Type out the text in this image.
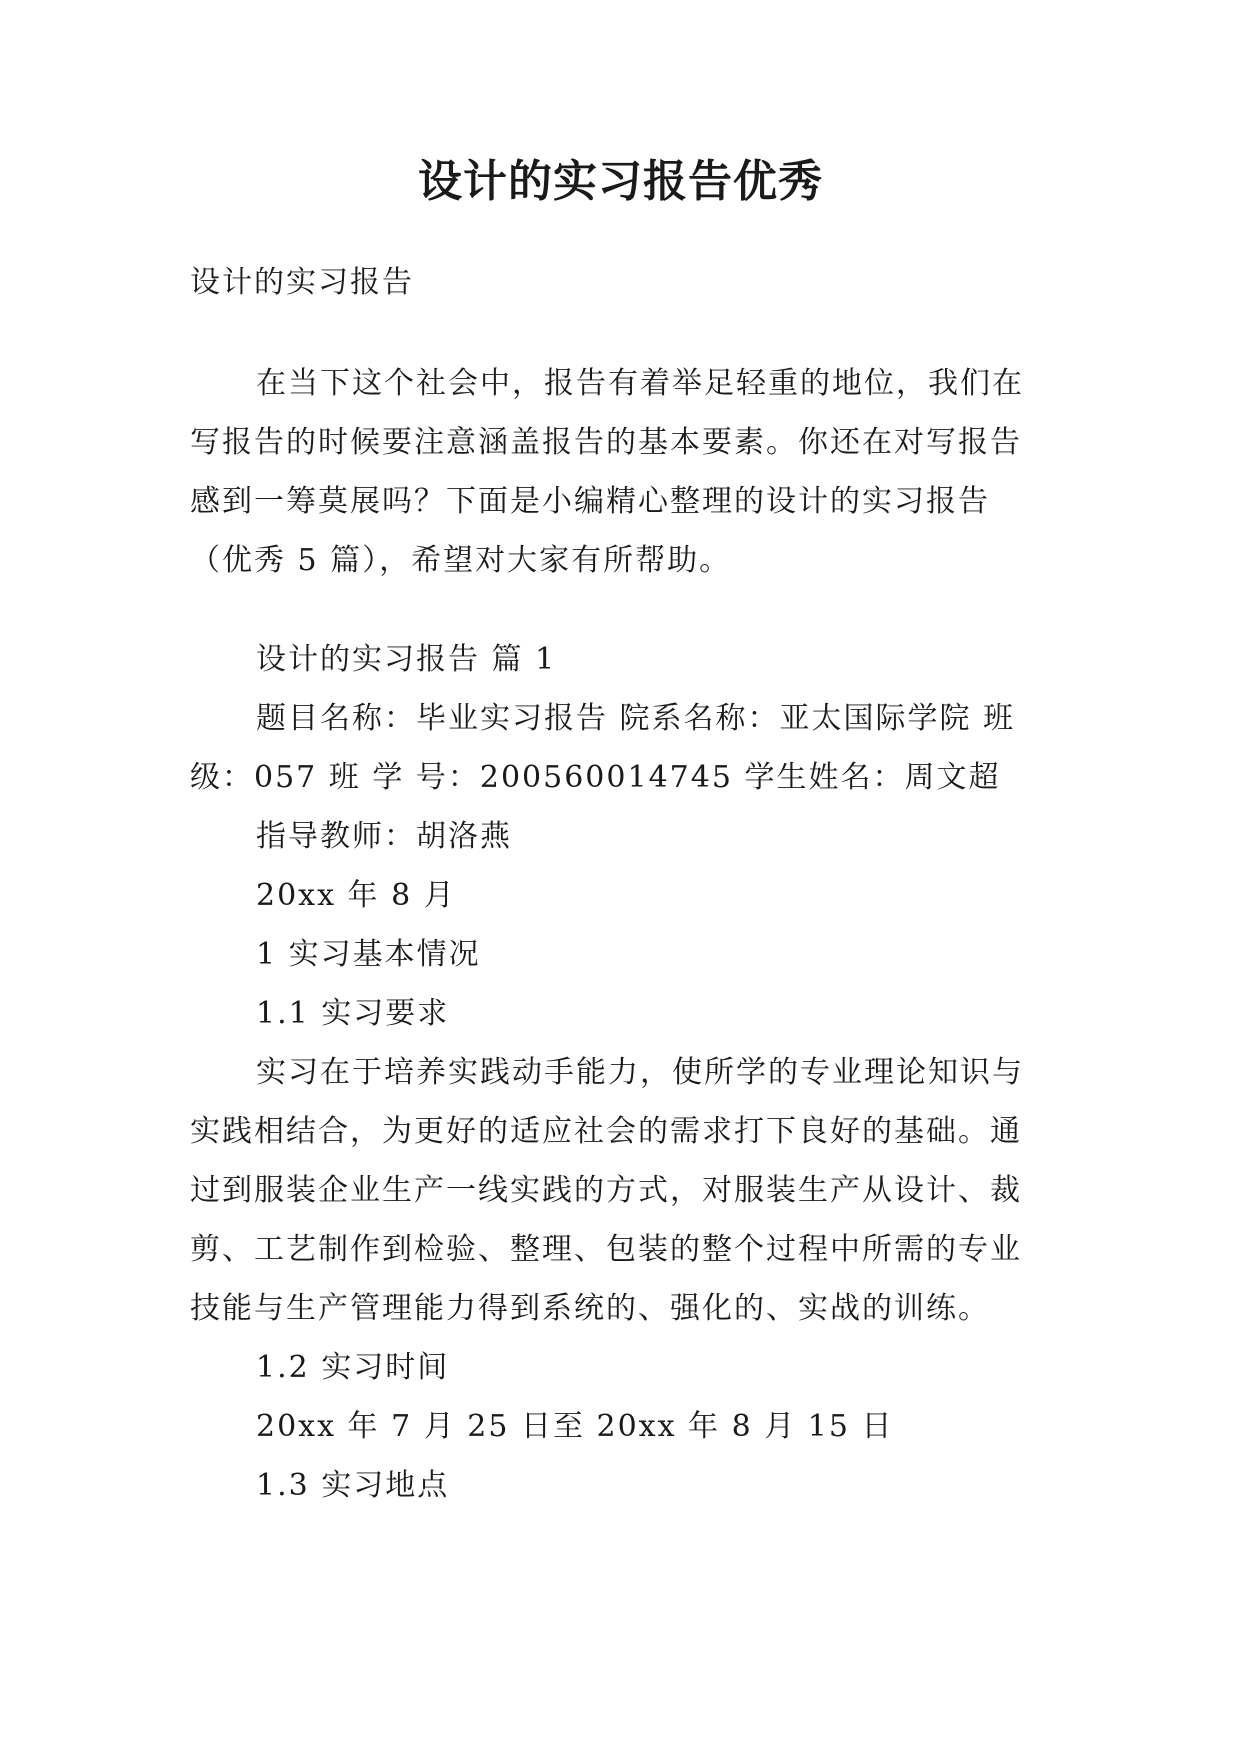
设计的实习报告优秀

设计的实习报告

在当下这个社会中，报告有着举足轻重的地位，我们在

写报告的时候要注意涵盖报告的基本要素。你还在对写报告

感到一筹莫展吗？下面是小编精心整理的设计的实习报告

（优秀 5 篇），希望对大家有所帮助。

设计的实习报告 篇 1

题目名称：毕业实习报告 院系名称：亚太国际学院 班

级：057 班 学 号：200560014745 学生姓名：周文超

指导教师：胡洛燕

20xx 年 8 月

1 实习基本情况

1.1 实习要求

实习在于培养实践动手能力，使所学的专业理论知识与

实践相结合，为更好的适应社会的需求打下良好的基础。通

过到服装企业生产一线实践的方式，对服装生产从设计、裁

剪、工艺制作到检验、整理、包装的整个过程中所需的专业

技能与生产管理能力得到系统的、强化的、实战的训练。

1.2 实习时间

20xx 年 7 月 25 日至 20xx 年 8 月 15 日

1.3 实习地点
